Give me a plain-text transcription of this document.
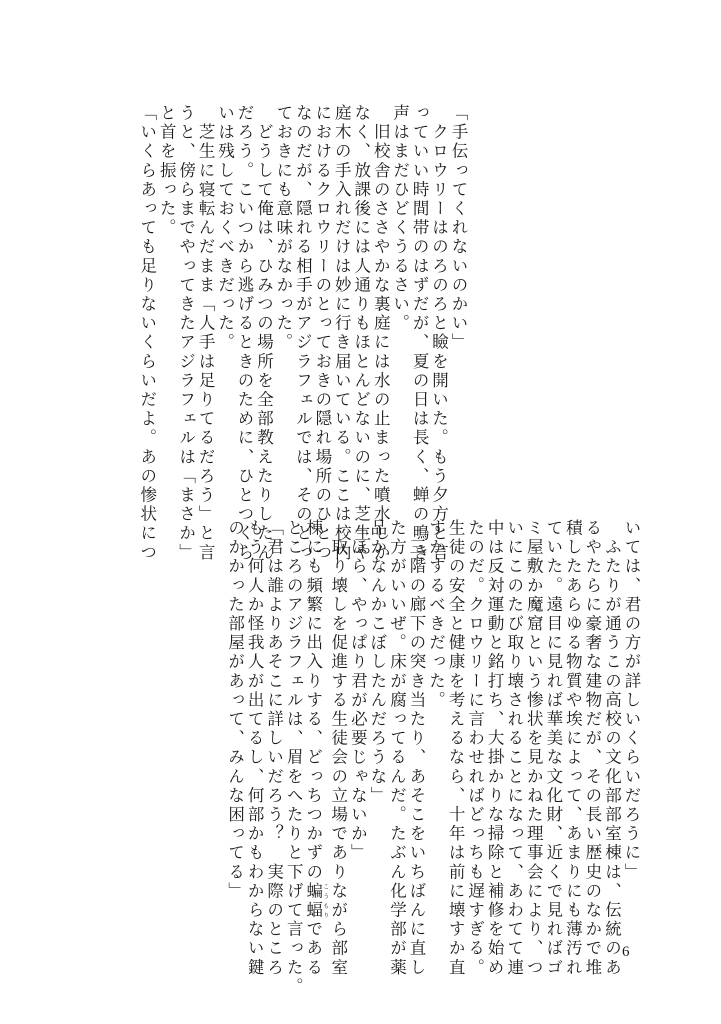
「手伝ってくれないのかい」
　クロウリーはのろのろと瞼を開いた。もう夕方と言
っていい時間帯のはずだが、夏の日は長く、蝉の鳴き
声はまだひどくうるさい。
　旧校舎のささやかな裏庭には水の止まった噴水しか
なく、放課後には人通りもほとんどないのに、芝生や
庭木の手入れだけは妙に行き届いている。ここは校内
におけるクロウリーのとっておきの隠れ場所のひとつ
なのだが、隠れる相手がアジラフェルでは、そのとっ
ておきにも意味がなかった。
　どうして俺は、ひみつの場所を全部教えたりしたん
だろう。こいつから逃げるときのために、ひとつくら
いは残しておくべきだった。
　芝生に寝転んだまま「人手は足りてるだろう」と言
うと、傍らまでやってきたアジラフェルは「まさか」
と首を振った。
「いくらあっても足りないくらいだよ。あの惨状につ
いては、君の方が詳しいくらいだろうに」
　ふたりが通うこの高校の文化部部室棟は、伝統のあ
るやたらに豪奢な建物だが、その長い歴史のなかで堆
積したあらゆる物質や埃によって、あまりにも薄汚れ
ていた。遠目に見れば華美な文化財、近くで見ればゴ
ミ屋敷か魔窟という惨状を見かねた理事会により、つ
いにこのたび取り壊されることになって、あわてて連
中は反対運動と銘打ち、大掛かりな掃除と補修を始め
たのだ。クロウリーに言わせればどっちも遅すぎる。
生徒の安全と健康を考えるなら、十年は前に壊すか直
すかするべきだった。
「三階の廊下の突き当たり、あそこをいちばんに直し
た方がいいぜ。床が腐ってるんだ。たぶん化学部が薬
品かなんかこぼしたんだろうな」
「ほら、やっぱり君が必要じゃないか」
　取り壊しを促進する生徒会の立場でありながら部室
棟にも頻繁に出入りする、どっちつかずの蝙蝠 こうもりである
ところのアジラフェルは、眉をへたりと下げて言った。
「君は誰よりあそこに詳しいだろう？　実際のところ
もう何人か怪我人が出てるし、何部かもわからない鍵
のかかった部屋があって、みんな困ってる」
6
